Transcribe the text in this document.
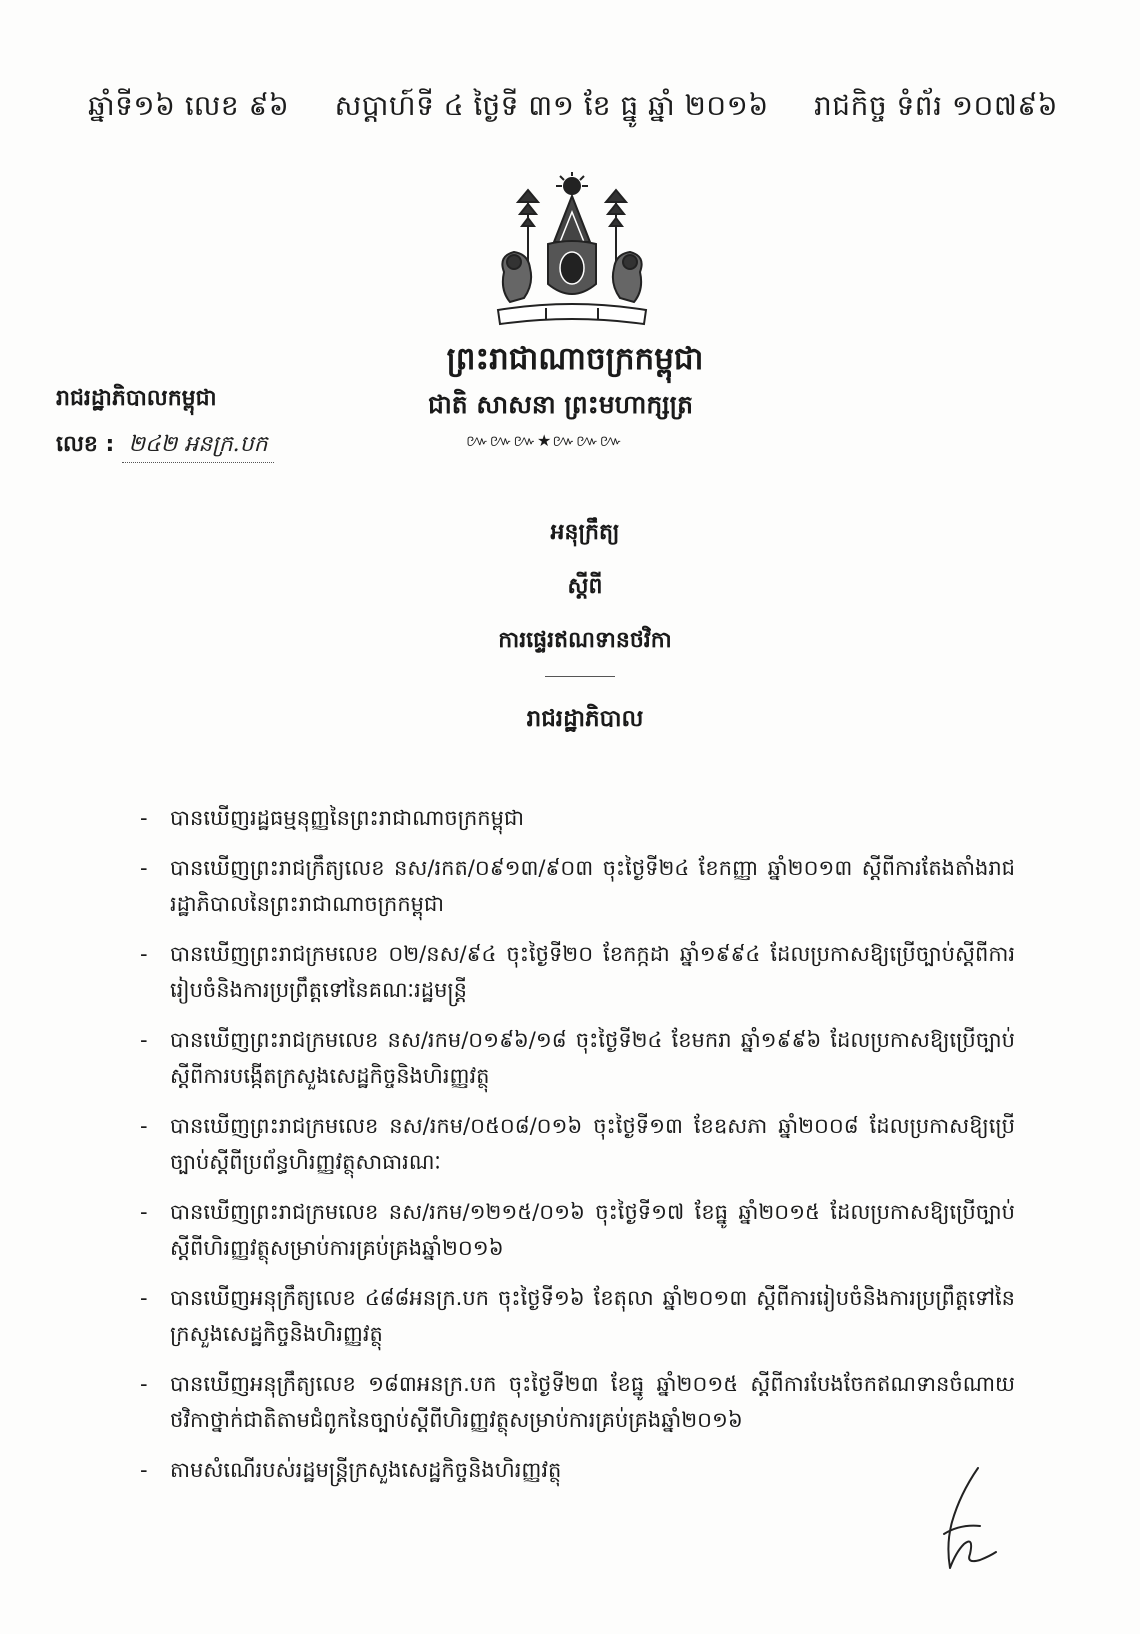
ឆ្នាំទី១៦ លេខ ៩៦ សប្តាហ៍ទី ៤ ថ្ងៃទី ៣១ ខែ ធ្នូ ឆ្នាំ ២០១៦ រាជកិច្ច ទំព័រ ១០៧៩៦
ព្រះរាជាណាចក្រកម្ពុជា
ជាតិ សាសនា ព្រះមហាក្សត្រ
៚៚៚★៚៚៚
រាជរដ្ឋាភិបាលកម្ពុជា
លេខ : ២៤២ អនក្រ.បក
អនុក្រឹត្យ
ស្តីពី
ការផ្ទេរឥណទានថវិកា
រាជរដ្ឋាភិបាល
- បានឃើញរដ្ឋធម្មនុញ្ញនៃព្រះរាជាណាចក្រកម្ពុជា
- បានឃើញព្រះរាជក្រឹត្យលេខ នស/រកត/០៩១៣/៩០៣ ចុះថ្ងៃទី២៤ ខែកញ្ញា ឆ្នាំ២០១៣ ស្តីពីការតែងតាំងរាជរដ្ឋាភិបាលនៃព្រះរាជាណាចក្រកម្ពុជា
- បានឃើញព្រះរាជក្រមលេខ ០២/នស/៩៤ ចុះថ្ងៃទី២០ ខែកក្កដា ឆ្នាំ១៩៩៤ ដែលប្រកាសឱ្យប្រើច្បាប់ស្តីពីការរៀបចំនិងការប្រព្រឹត្តទៅនៃគណៈរដ្ឋមន្ត្រី
- បានឃើញព្រះរាជក្រមលេខ នស/រកម/០១៩៦/១៨ ចុះថ្ងៃទី២៤ ខែមករា ឆ្នាំ១៩៩៦ ដែលប្រកាសឱ្យប្រើច្បាប់ស្តីពីការបង្កើតក្រសួងសេដ្ឋកិច្ចនិងហិរញ្ញវត្ថុ
- បានឃើញព្រះរាជក្រមលេខ នស/រកម/០៥០៨/០១៦ ចុះថ្ងៃទី១៣ ខែឧសភា ឆ្នាំ២០០៨ ដែលប្រកាសឱ្យប្រើច្បាប់ស្តីពីប្រព័ន្ធហិរញ្ញវត្ថុសាធារណៈ
- បានឃើញព្រះរាជក្រមលេខ នស/រកម/១២១៥/០១៦ ចុះថ្ងៃទី១៧ ខែធ្នូ ឆ្នាំ២០១៥ ដែលប្រកាសឱ្យប្រើច្បាប់ស្តីពីហិរញ្ញវត្ថុសម្រាប់ការគ្រប់គ្រងឆ្នាំ២០១៦
- បានឃើញអនុក្រឹត្យលេខ ៤៨៨អនក្រ.បក ចុះថ្ងៃទី១៦ ខែតុលា ឆ្នាំ២០១៣ ស្តីពីការរៀបចំនិងការប្រព្រឹត្តទៅនៃក្រសួងសេដ្ឋកិច្ចនិងហិរញ្ញវត្ថុ
- បានឃើញអនុក្រឹត្យលេខ ១៨៣អនក្រ.បក ចុះថ្ងៃទី២៣ ខែធ្នូ ឆ្នាំ២០១៥ ស្តីពីការបែងចែកឥណទានចំណាយថវិកាថ្នាក់ជាតិតាមជំពូកនៃច្បាប់ស្តីពីហិរញ្ញវត្ថុសម្រាប់ការគ្រប់គ្រងឆ្នាំ២០១៦
- តាមសំណើរបស់រដ្ឋមន្ត្រីក្រសួងសេដ្ឋកិច្ចនិងហិរញ្ញវត្ថុ
